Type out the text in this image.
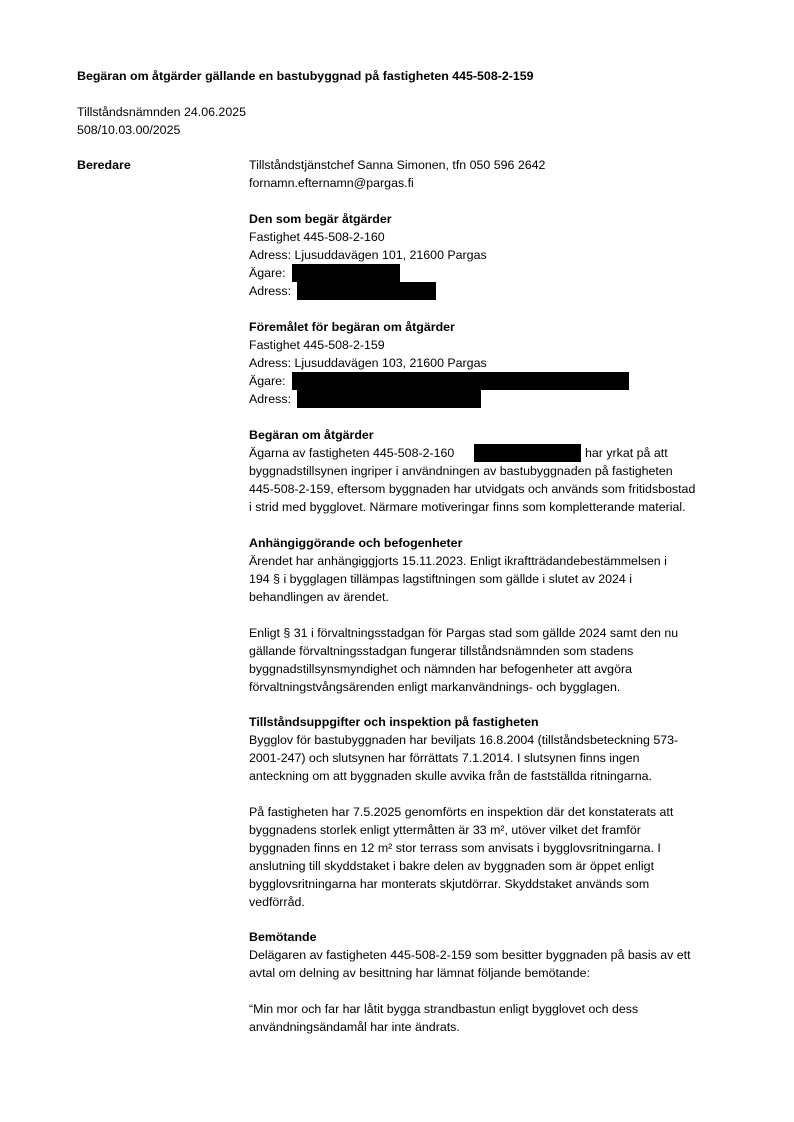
Begäran om åtgärder gällande en bastubyggnad på fastigheten 445-508-2-159
Tillståndsnämnden 24.06.2025
508/10.03.00/2025
Beredare	Tillståndstjänstchef Sanna Simonen, tfn 050 596 2642
fornamn.efternamn@pargas.fi
Den som begär åtgärder
Fastighet 445-508-2-160
Adress: Ljusuddavägen 101, 21600 Pargas
Ägare:
Adress:
Föremålet för begäran om åtgärder
Fastighet 445-508-2-159
Adress: Ljusuddavägen 103, 21600 Pargas
Ägare:
Adress:
Begäran om åtgärder
Ägarna av fastigheten 445-508-2-160	har yrkat på att
byggnadstillsynen ingriper i användningen av bastubyggnaden på fastigheten
445-508-2-159, eftersom byggnaden har utvidgats och används som fritidsbostad
i strid med bygglovet. Närmare motiveringar finns som kompletterande material.
Anhängiggörande och befogenheter
Ärendet har anhängiggjorts 15.11.2023. Enligt ikraftträdandebestämmelsen i
194 § i bygglagen tillämpas lagstiftningen som gällde i slutet av 2024 i
behandlingen av ärendet.
Enligt § 31 i förvaltningsstadgan för Pargas stad som gällde 2024 samt den nu
gällande förvaltningsstadgan fungerar tillståndsnämnden som stadens
byggnadstillsynsmyndighet och nämnden har befogenheter att avgöra
förvaltningstvångsärenden enligt markanvändnings- och bygglagen.
Tillståndsuppgifter och inspektion på fastigheten
Bygglov för bastubyggnaden har beviljats 16.8.2004 (tillståndsbeteckning 573-
2001-247) och slutsynen har förrättats 7.1.2014. I slutsynen finns ingen
anteckning om att byggnaden skulle avvika från de fastställda ritningarna.
På fastigheten har 7.5.2025 genomförts en inspektion där det konstaterats att
byggnadens storlek enligt yttermåtten är 33 m², utöver vilket det framför
byggnaden finns en 12 m² stor terrass som anvisats i bygglovsritningarna. I
anslutning till skyddstaket i bakre delen av byggnaden som är öppet enligt
bygglovsritningarna har monterats skjutdörrar. Skyddstaket används som
vedförråd.
Bemötande
Delägaren av fastigheten 445-508-2-159 som besitter byggnaden på basis av ett
avtal om delning av besittning har lämnat följande bemötande:
“Min mor och far har låtit bygga strandbastun enligt bygglovet och dess
användningsändamål har inte ändrats.
